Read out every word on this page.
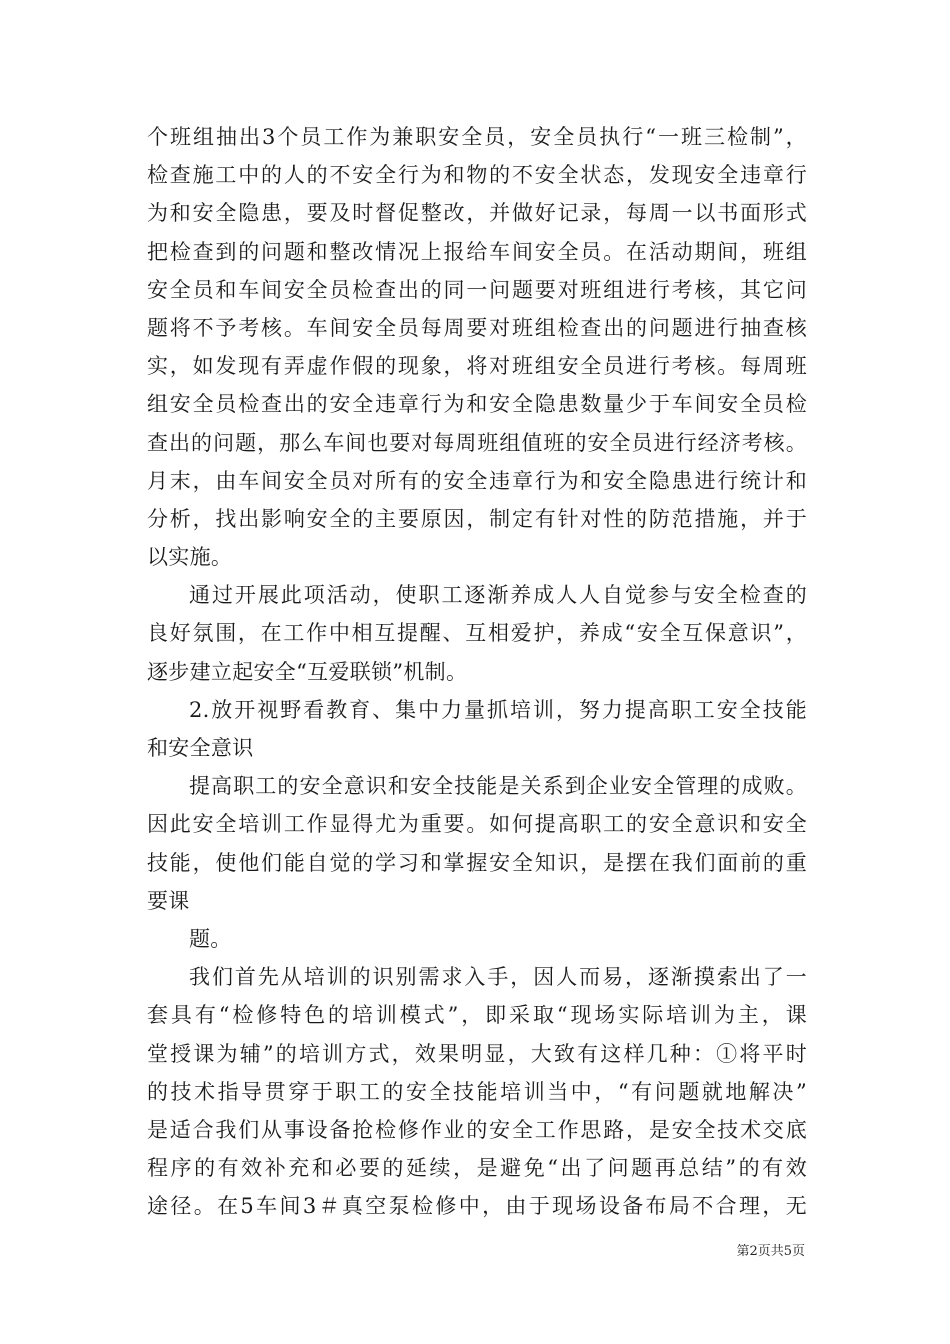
个班组抽出3个员工作为兼职安全员，安全员执行“一班三检制”，
检查施工中的人的不安全行为和物的不安全状态，发现安全违章行
为和安全隐患，要及时督促整改，并做好记录，每周一以书面形式
把检查到的问题和整改情况上报给车间安全员。在活动期间，班组
安全员和车间安全员检查出的同一问题要对班组进行考核，其它问
题将不予考核。车间安全员每周要对班组检查出的问题进行抽查核
实，如发现有弄虚作假的现象，将对班组安全员进行考核。每周班
组安全员检查出的安全违章行为和安全隐患数量少于车间安全员检
查出的问题，那么车间也要对每周班组值班的安全员进行经济考核。
月末，由车间安全员对所有的安全违章行为和安全隐患进行统计和
分析，找出影响安全的主要原因，制定有针对性的防范措施，并于
以实施。
通过开展此项活动，使职工逐渐养成人人自觉参与安全检查的
良好氛围，在工作中相互提醒、互相爱护，养成“安全互保意识”，
逐步建立起安全“互爱联锁”机制。
2.放开视野看教育、集中力量抓培训，努力提高职工安全技能
和安全意识
提高职工的安全意识和安全技能是关系到企业安全管理的成败。
因此安全培训工作显得尤为重要。如何提高职工的安全意识和安全
技能，使他们能自觉的学习和掌握安全知识，是摆在我们面前的重
要课
题。
我们首先从培训的识别需求入手，因人而易，逐渐摸索出了一
套具有“检修特色的培训模式”，即采取“现场实际培训为主，课
堂授课为辅”的培训方式，效果明显，大致有这样几种：①将平时
的技术指导贯穿于职工的安全技能培训当中，“有问题就地解决”
是适合我们从事设备抢检修作业的安全工作思路，是安全技术交底
程序的有效补充和必要的延续，是避免“出了问题再总结”的有效
途径。在5车间3＃真空泵检修中，由于现场设备布局不合理，无
第2页共5页
